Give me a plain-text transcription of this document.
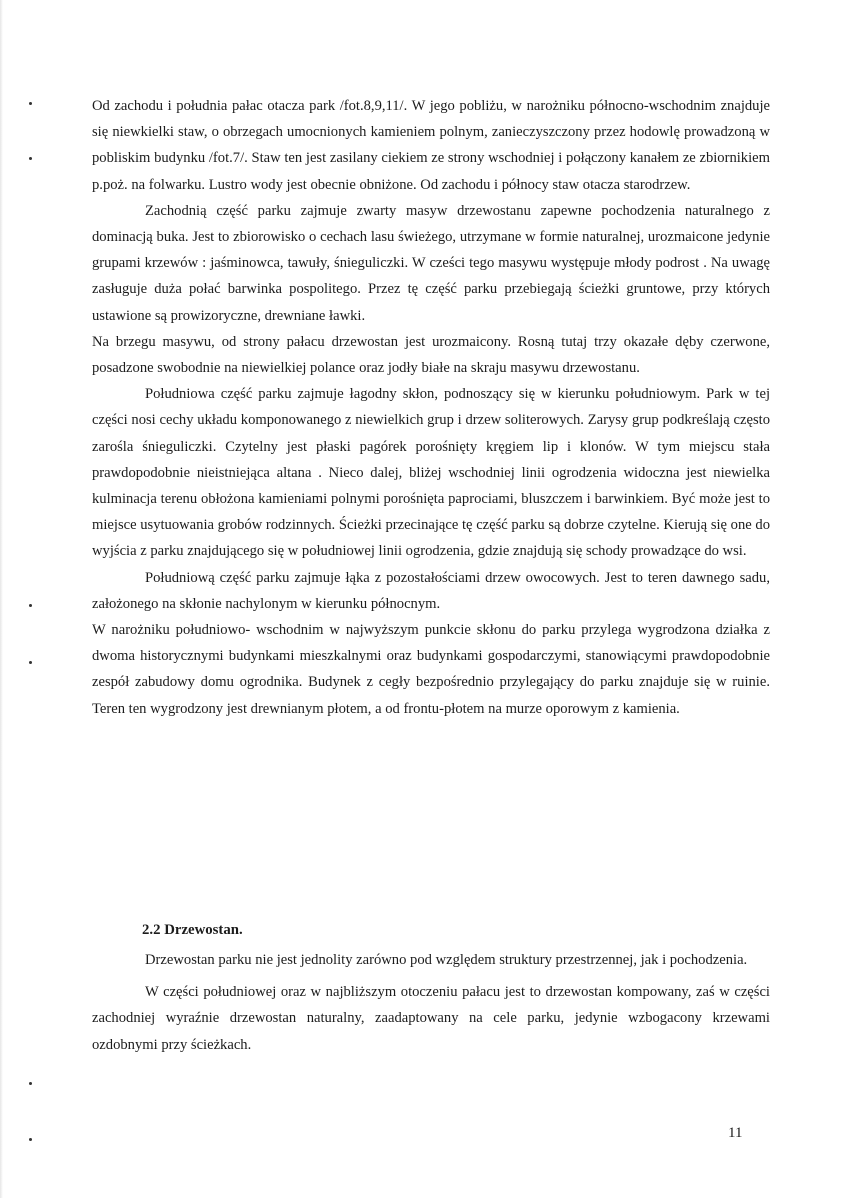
Od zachodu i południa pałac otacza park /fot.8,9,11/. W jego pobliżu, w narożniku północno-wschodnim znajduje się niewkielki staw, o obrzegach umocnionych kamieniem polnym, zanieczyszczony przez hodowlę prowadzoną w pobliskim budynku /fot.7/. Staw ten jest zasilany ciekiem ze strony wschodniej i połączony kanałem ze zbiornikiem p.poż. na folwarku. Lustro wody jest obecnie obniżone. Od zachodu i północy staw otacza starodrzew.

Zachodnią część parku zajmuje zwarty masyw drzewostanu zapewne pochodzenia naturalnego z dominacją buka. Jest to zbiorowisko o cechach lasu świeżego, utrzymane w formie naturalnej, urozmaicone jedynie grupami krzewów : jaśminowca, tawuły, śnieguliczki. W cześci tego masywu występuje młody podrost . Na uwagę zasługuje duża połać barwinka pospolitego. Przez tę część parku przebiegają ścieżki gruntowe, przy których ustawione są prowizoryczne, drewniane ławki.

Na brzegu masywu, od strony pałacu drzewostan jest urozmaicony. Rosną tutaj trzy okazałe dęby czerwone, posadzone swobodnie na niewielkiej polance oraz jodły białe na skraju masywu drzewostanu.

Południowa część parku zajmuje łagodny skłon, podnoszący się w kierunku południowym. Park w tej części nosi cechy układu komponowanego z niewielkich grup i drzew soliterowych. Zarysy grup podkreślają często zarośla śnieguliczki. Czytelny jest płaski pagórek porośnięty kręgiem lip i klonów. W tym miejscu stała prawdopodobnie nieistniejąca altana . Nieco dalej, bliżej wschodniej linii ogrodzenia widoczna jest niewielka kulminacja terenu obłożona kamieniami polnymi porośnięta paprociami, bluszczem i barwinkiem. Być może jest to miejsce usytuowania grobów rodzinnych. Ścieżki przecinające tę część parku są dobrze czytelne. Kierują się one do wyjścia z parku znajdującego się w południowej linii ogrodzenia, gdzie znajdują się schody prowadzące do wsi.

Południową część parku zajmuje łąka z pozostałościami drzew owocowych. Jest to teren dawnego sadu, założonego na skłonie nachylonym w kierunku północnym.

W narożniku południowo- wschodnim w najwyższym punkcie skłonu do parku przylega wygrodzona działka z dwoma historycznymi budynkami mieszkalnymi oraz budynkami gospodarczymi, stanowiącymi prawdopodobnie zespół zabudowy domu ogrodnika. Budynek z cegły bezpośrednio przylegający do parku znajduje się w ruinie. Teren ten wygrodzony jest drewnianym płotem, a od frontu-płotem na murze oporowym z kamienia.

2.2 Drzewostan.

Drzewostan parku nie jest jednolity zarówno pod względem struktury przestrzennej, jak i pochodzenia.

W części południowej oraz w najbliższym otoczeniu pałacu jest to drzewostan kompowany, zaś w części zachodniej wyraźnie drzewostan naturalny, zaadaptowany na cele parku, jedynie wzbogacony krzewami ozdobnymi przy ścieżkach.

11
